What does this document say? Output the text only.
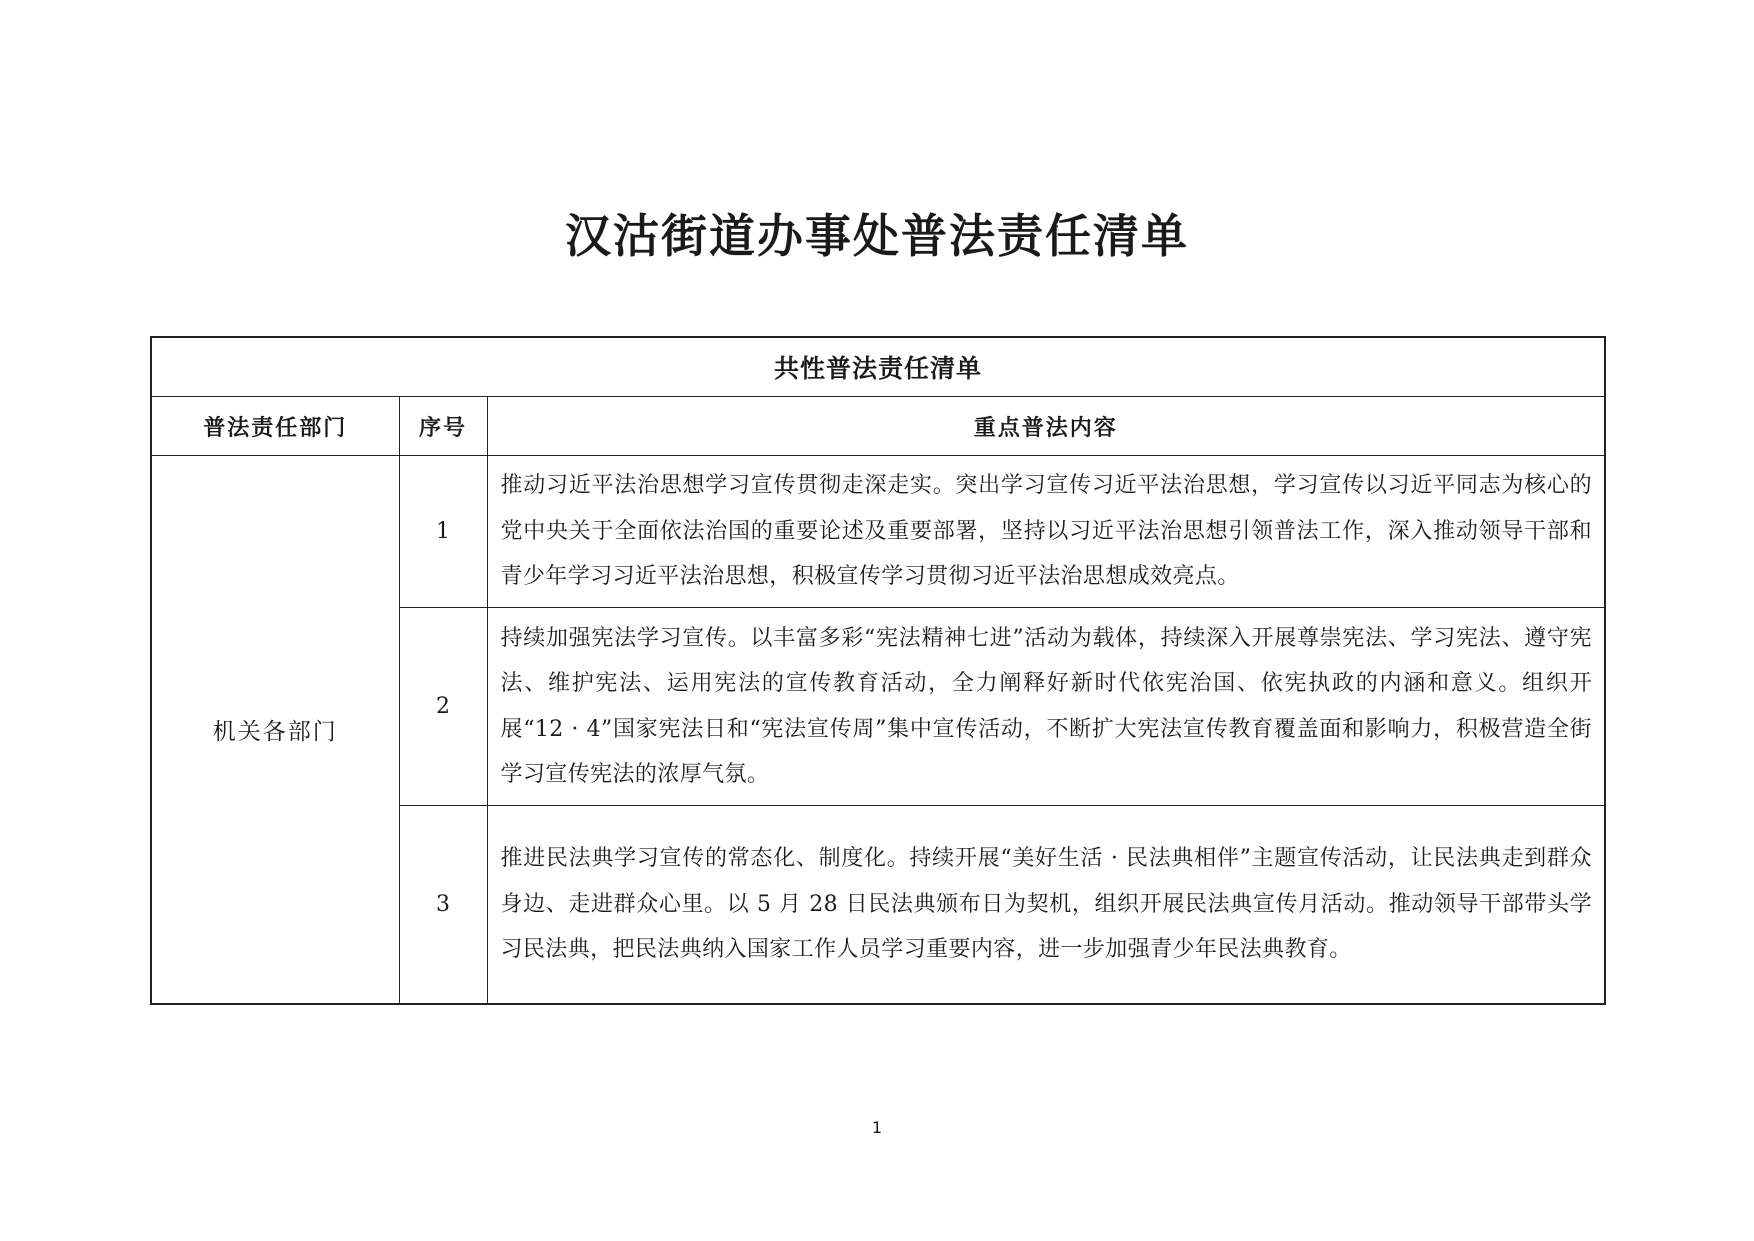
汉沽街道办事处普法责任清单
共性普法责任清单		
普法责任部门	序号	重点普法内容
机关各部门	1	推动习近平法治思想学习宣传贯彻走深走实。突出学习宣传习近平法治思想，学习宣传以习近平同志为核心的党中央关于全面依法治国的重要论述及重要部署，坚持以习近平法治思想引领普法工作，深入推动领导干部和青少年学习习近平法治思想，积极宣传学习贯彻习近平法治思想成效亮点。
	2	持续加强宪法学习宣传。以丰富多彩“宪法精神七进”活动为载体，持续深入开展尊崇宪法、学习宪法、遵守宪法、维护宪法、运用宪法的宣传教育活动，全力阐释好新时代依宪治国、依宪执政的内涵和意义。组织开展“12 · 4”国家宪法日和“宪法宣传周”集中宣传活动，不断扩大宪法宣传教育覆盖面和影响力，积极营造全街学习宣传宪法的浓厚气氛。
	3	推进民法典学习宣传的常态化、制度化。持续开展“美好生活 · 民法典相伴”主题宣传活动，让民法典走到群众身边、走进群众心里。以 5 月 28 日民法典颁布日为契机，组织开展民法典宣传月活动。推动领导干部带头学习民法典，把民法典纳入国家工作人员学习重要内容，进一步加强青少年民法典教育。
1
